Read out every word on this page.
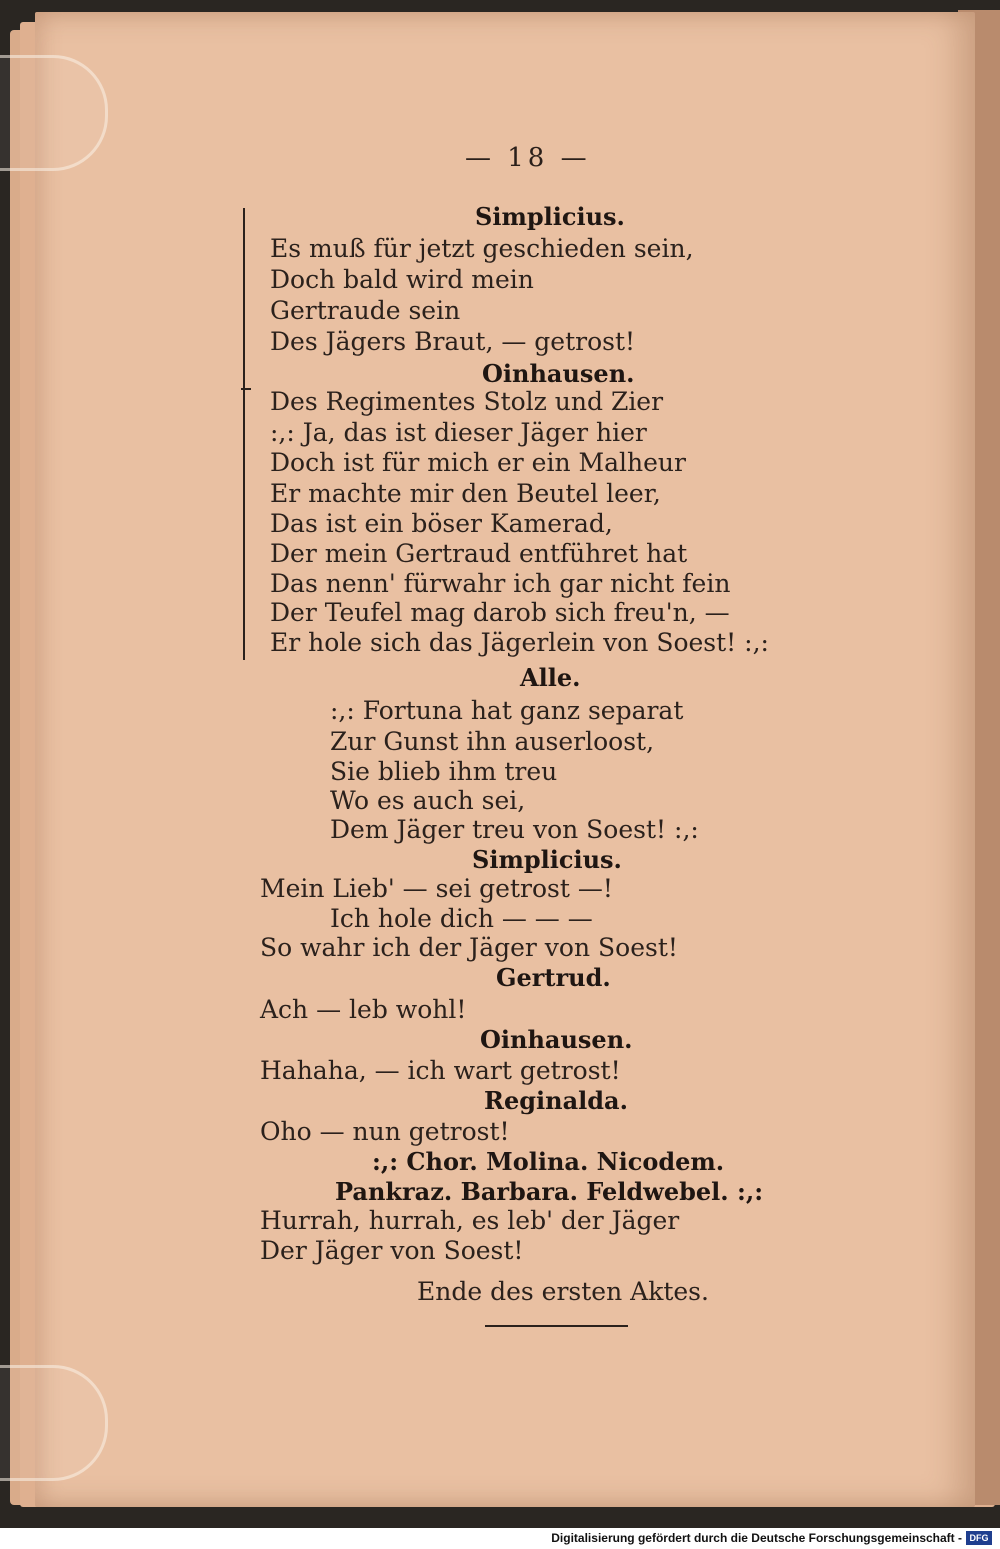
— 18 —
Simplicius.
Es muß für jetzt geschieden sein,
Doch bald wird mein
Gertraude sein
Des Jägers Braut, — getrost!
Oinhausen.
Des Regimentes Stolz und Zier
:,: Ja, das ist dieser Jäger hier
Doch ist für mich er ein Malheur
Er machte mir den Beutel leer,
Das ist ein böser Kamerad,
Der mein Gertraud entführet hat
Das nenn' fürwahr ich gar nicht fein
Der Teufel mag darob sich freu'n, —
Er hole sich das Jägerlein von Soest! :,:
Alle.
:,: Fortuna hat ganz separat
Zur Gunst ihn auserloost,
Sie blieb ihm treu
Wo es auch sei,
Dem Jäger treu von Soest! :,:
Simplicius.
Mein Lieb' — sei getrost —!
Ich hole dich — — —
So wahr ich der Jäger von Soest!
Gertrud.
Ach — leb wohl!
Oinhausen.
Hahaha, — ich wart getrost!
Reginalda.
Oho — nun getrost!
:,: Chor. Molina. Nicodem.
Pankraz. Barbara. Feldwebel. :,:
Hurrah, hurrah, es leb' der Jäger
Der Jäger von Soest!
Ende des ersten Aktes.
Digitalisierung gefördert durch die Deutsche Forschungsgemeinschaft - DFG
